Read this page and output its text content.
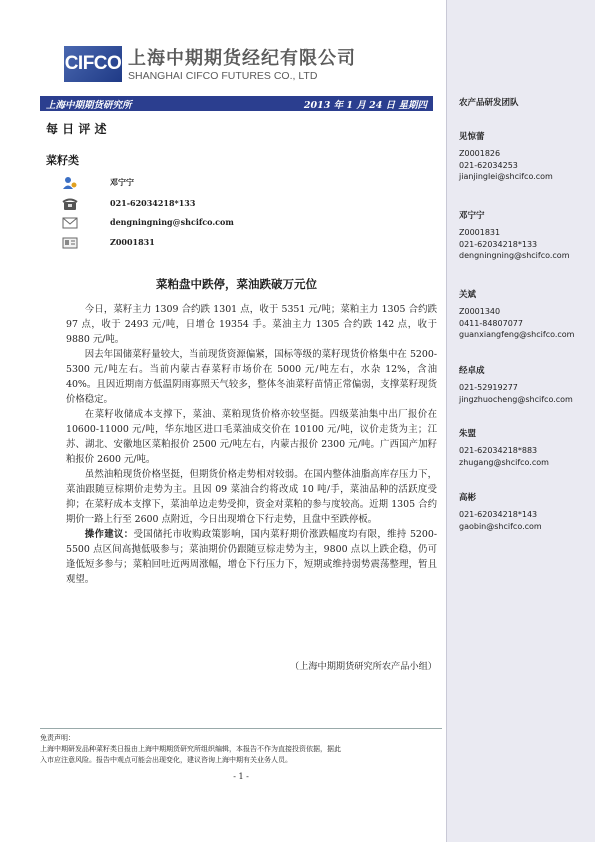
CIFCO 上海中期期货经纪有限公司
SHANGHAI CIFCO FUTURES CO., LTD
上海中期期货研究所	2013 年 1 月 24 日 星期四
每 日 评 述
菜籽类
邓宁宁
021-62034218*133
dengningning@shcifco.com
Z0001831
菜粕盘中跌停，菜油跌破万元位

今日，菜籽主力 1309 合约跌 1301 点，收于 5351 元/吨；菜粕主力 1305 合约跌 97 点，收于 2493 元/吨，日增仓 19354 手。菜油主力 1305 合约跌 142 点，收于 9880 元/吨。

因去年国储菜籽量较大，当前现货资源偏紧，国标等级的菜籽现货价格集中在 5200-5300 元/吨左右。当前内蒙古春菜籽市场价在 5000 元/吨左右，水杂 12%，含油 40%。且因近期南方低温阴雨寡照天气较多，整体冬油菜籽苗情正常偏弱，支撑菜籽现货价格稳定。

在菜籽收储成本支撑下，菜油、菜粕现货价格亦较坚挺。四级菜油集中出厂报价在 10600-11000 元/吨，华东地区进口毛菜油成交价在 10100 元/吨，议价走货为主；江苏、湖北、安徽地区菜粕报价 2500 元/吨左右，内蒙古报价 2300 元/吨。广西国产加籽粕报价 2600 元/吨。

虽然油粕现货价格坚挺，但期货价格走势相对较弱。在国内整体油脂高库存压力下，菜油跟随豆棕期价走势为主。且因 09 菜油合约将改成 10 吨/手，菜油品种的活跃度受抑；在菜籽成本支撑下，菜油单边走势受抑，资金对菜粕的参与度较高。近期 1305 合约期价一路上行至 2600 点附近，今日出现増仓下行走势，且盘中至跌停板。

操作建议：受国储托市收购政策影响，国内菜籽期价涨跌幅度均有限，维持 5200-5500 点区间高抛低吸参与；菜油期价仍跟随豆棕走势为主，9800 点以上跌企稳，仍可逢低短多参与；菜粕回吐近两周涨幅，增仓下行压力下，短期或维持弱势震荡整理，暂且观望。

（上海中期期货研究所农产品小组）
免责声明：
上海中期研发品种菜籽类日报由上海中期期货研究所组织编辑，本报告不作为直接投资依据，据此
入市应注意风险。报告中观点可能会出现变化，建议咨询上海中期有关业务人员。
- 1 -
农产品研发团队
见惊蕾
Z0001826
021-62034253
jianjinglei@shcifco.com
邓宁宁
Z0001831
021-62034218*133
dengningning@shcifco.com
关斌
Z0001340
0411-84807077
guanxiangfeng@shcifco.com
经卓成
021-52919277
jingzhuocheng@shcifco.com
朱盟
021-62034218*883
zhugang@shcifco.com
高彬
021-62034218*143
gaobin@shcifco.com
